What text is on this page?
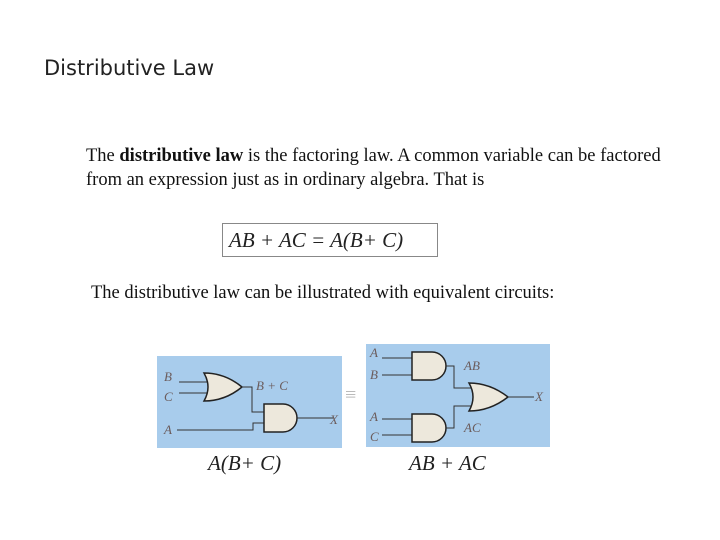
Distributive Law
The distributive law is the factoring law. A common variable can be factored from an expression just as in ordinary algebra. That is
AB + AC = A(B+ C)
The distributive law can be illustrated with equivalent circuits:
B
C
A
B + C
X
≡
A
B
A
C
AB
AC
X
A(B+ C)	AB + AC
